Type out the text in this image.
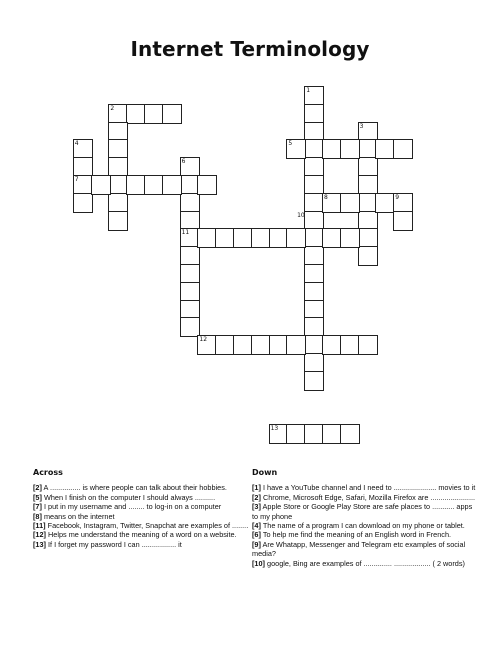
Internet Terminology
1
2
3
4
7
5
6
11
8	9
12
13
10
Across

[2] A ............... is where people can talk about their hobbies.

[5] When I finish on the computer I should always ..........

[7] I put in my username and ........ to log-in on a computer

[8] means on the internet

[11] Facebook, Instagram, Twitter, Snapchat are examples of ........

[12] Helps me understand the meaning of a word on a website.

[13] If I forget my password I can ................. it

Down

[1] I have a YouTube channel and I need to ..................... movies to it

[2] Chrome, Microsoft Edge, Safari, Mozilla Firefox are ......................

[3] Apple Store or Google Play Store are safe places to ........... apps to my phone

[4] The name of a program I can download on my phone or tablet.

[6] To help me find the meaning of an English word in French.

[9] Are Whatapp, Messenger and Telegram etc examples of social media?

[10] google, Bing are examples of .............. .................. ( 2 words)
